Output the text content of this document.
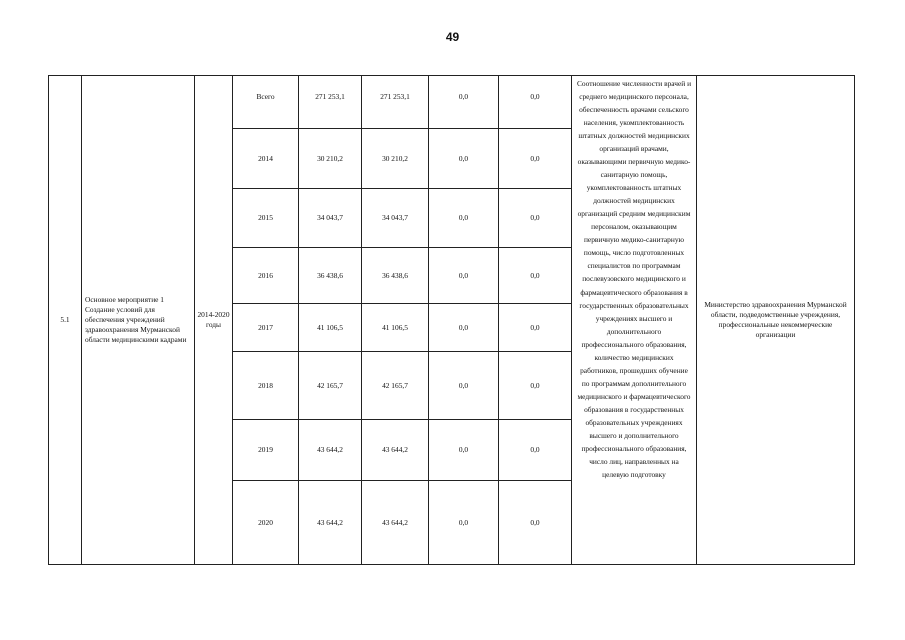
49
5.1	Основное мероприятие 1 Создание условий для обеспечения учреждений здравоохранения Мурманской области медицинскими кадрами	2014-2020 годы	Всего	271 253,1	271 253,1	0,0	0,0	Соотношение численности врачей и среднего медицинского персонала, обеспеченность врачами сельского населения, укомплектованность штатных должностей медицинских организаций врачами, оказывающими первичную медико-санитарную помощь, укомплектованность штатных должностей медицинских организаций средним медицинским персоналом, оказывающим первичную медико-санитарную помощь, число подготовленных специалистов по программам послевузовского медицинского и фармацевтического образования в государственных образовательных учреждениях высшего и дополнительного профессионального образования, количество медицинских работников, прошедших обучение по программам дополнительного медицинского и фармацевтического образования в государственных образовательных учреждениях высшего и дополнительного профессионального образования, число лиц, направленных на целевую подготовку	Министерство здравоохранения Мурманской области, подведомственные учреждения, профессиональные некоммерческие организации
			2014	30 210,2	30 210,2	0,0	0,0		
			2015	34 043,7	34 043,7	0,0	0,0		
			2016	36 438,6	36 438,6	0,0	0,0		
			2017	41 106,5	41 106,5	0,0	0,0		
			2018	42 165,7	42 165,7	0,0	0,0		
			2019	43 644,2	43 644,2	0,0	0,0		
			2020	43 644,2	43 644,2	0,0	0,0		
